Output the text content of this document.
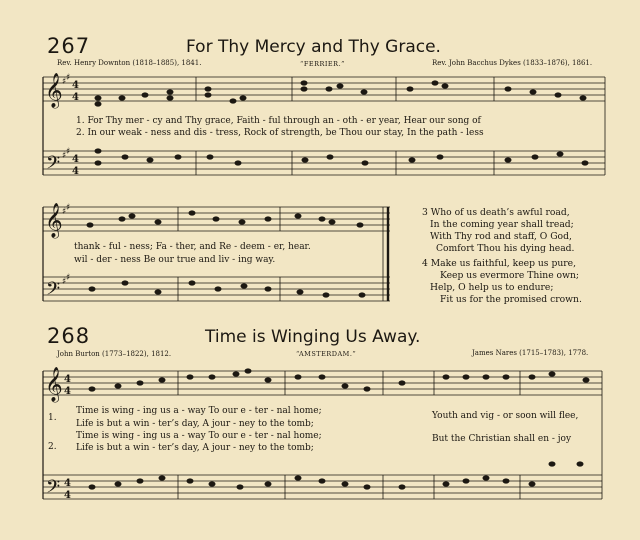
𝄞
𝄢
𝄞
𝄢
𝄞
𝄢
♯ ♯
♯ ♯
♯ ♯
♯ ♯
4
4
4
4
4
4
4
4
267	For Thy Mercy and Thy Grace.
Rev. Henry Downton (1818–1885), 1841.	“FERRIER.”	Rev. John Bacchus Dykes (1833–1876), 1861.
1. For Thy mer - cy and Thy grace, Faith - ful through an - oth - er year, Hear our song of
2. In our weak - ness and dis - tress, Rock of strength, be Thou our stay, In the path - less
thank - ful - ness; Fa - ther, and Re - deem - er, hear.
wil - der - ness Be our true and liv - ing way.
3 Who of us death’s awful road,
In the coming year shall tread;
With Thy rod and staff, O God,
Comfort Thou his dying head.
4 Make us faithful, keep us pure,
Keep us evermore Thine own;
Help, O help us to endure;
Fit us for the promised crown.
268	Time is Winging Us Away.
John Burton (1773–1822), 1812.	“AMSTERDAM.”	James Nares (1715–1783), 1778.
1.
2.
Time is wing - ing us a - way To our e - ter - nal home;
Life is but a win - ter’s day, A jour - ney to the tomb;
Time is wing - ing us a - way To our e - ter - nal home;
Life is but a win - ter’s day, A jour - ney to the tomb;
Youth and vig - or soon will flee,
But the Christian shall en - joy
